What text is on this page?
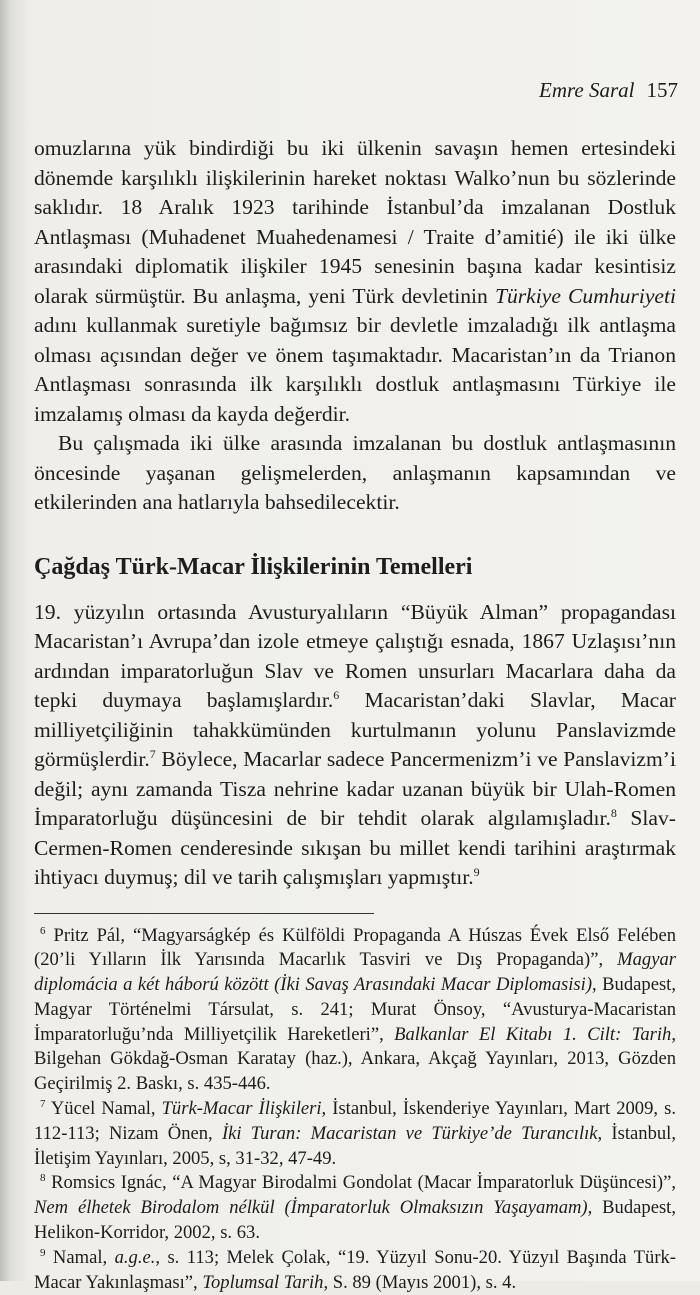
Emre Saral 157

omuzlarına yük bindirdiği bu iki ülkenin savaşın hemen ertesindeki dönemde karşılıklı ilişkilerinin hareket noktası Walko’nun bu sözlerinde saklıdır. 18 Aralık 1923 tarihinde İstanbul’da imzalanan Dostluk Antlaşması (Muhadenet Muahedenamesi / Traite d’amitié) ile iki ülke arasındaki diplomatik ilişkiler 1945 senesinin başına kadar kesintisiz olarak sürmüştür. Bu anlaşma, yeni Türk devletinin Türkiye Cumhuriyeti adını kullanmak suretiyle bağımsız bir devletle imzaladığı ilk antlaşma olması açısından değer ve önem taşımaktadır. Macaristan’ın da Trianon Antlaşması sonrasında ilk karşılıklı dostluk antlaşmasını Türkiye ile imzalamış olması da kayda değerdir.

Bu çalışmada iki ülke arasında imzalanan bu dostluk antlaşmasının öncesinde yaşanan gelişmelerden, anlaşmanın kapsamından ve etkilerinden ana hatlarıyla bahsedilecektir.

Çağdaş Türk-Macar İlişkilerinin Temelleri

19. yüzyılın ortasında Avusturyalıların “Büyük Alman” propagandası Macaristan’ı Avrupa’dan izole etmeye çalıştığı esnada, 1867 Uzlaşısı’nın ardından imparatorluğun Slav ve Romen unsurları Macarlara daha da tepki duymaya başlamışlardır.$^6$ Macaristan’daki Slavlar, Macar milliyetçiliğinin tahakkümünden kurtulmanın yolunu Panslavizmde görmüşlerdir.$^7$ Böylece, Macarlar sadece Pancermenizm’i ve Panslavizm’i değil; aynı zamanda Tisza nehrine kadar uzanan büyük bir Ulah-Romen İmparatorluğu düşüncesini de bir tehdit olarak algılamışladır.$^8$ Slav-Cermen-Romen cenderesinde sıkışan bu millet kendi tarihini araştırmak ihtiyacı duymuş; dil ve tarih çalışmışları yapmıştır.$^9$

$^6$ Pritz Pál, “Magyarságkép és Külföldi Propaganda A Húszas Évek Első Felében (20’li Yılların İlk Yarısında Macarlık Tasviri ve Dış Propaganda)”, Magyar diplomácia a két háború között (İki Savaş Arasındaki Macar Diplomasisi), Budapest, Magyar Történelmi Társulat, s. 241; Murat Önsoy, “Avusturya-Macaristan İmparatorluğu’nda Milliyetçilik Hareketleri”, Balkanlar El Kitabı 1. Cilt: Tarih, Bilgehan Gökdağ-Osman Karatay (haz.), Ankara, Akçağ Yayınları, 2013, Gözden Geçirilmiş 2. Baskı, s. 435-446.

$^7$ Yücel Namal, Türk-Macar İlişkileri, İstanbul, İskenderiye Yayınları, Mart 2009, s. 112-113; Nizam Önen, İki Turan: Macaristan ve Türkiye’de Turancılık, İstanbul, İletişim Yayınları, 2005, s, 31-32, 47-49.

$^8$ Romsics Ignác, “A Magyar Birodalmi Gondolat (Macar İmparatorluk Düşüncesi)”, Nem élhetek Birodalom nélkül (İmparatorluk Olmaksızın Yaşayamam), Budapest, Helikon-Korridor, 2002, s. 63.

$^9$ Namal, a.g.e., s. 113; Melek Çolak, “19. Yüzyıl Sonu-20. Yüzyıl Başında Türk-Macar Yakınlaşması”, Toplumsal Tarih, S. 89 (Mayıs 2001), s. 4.
